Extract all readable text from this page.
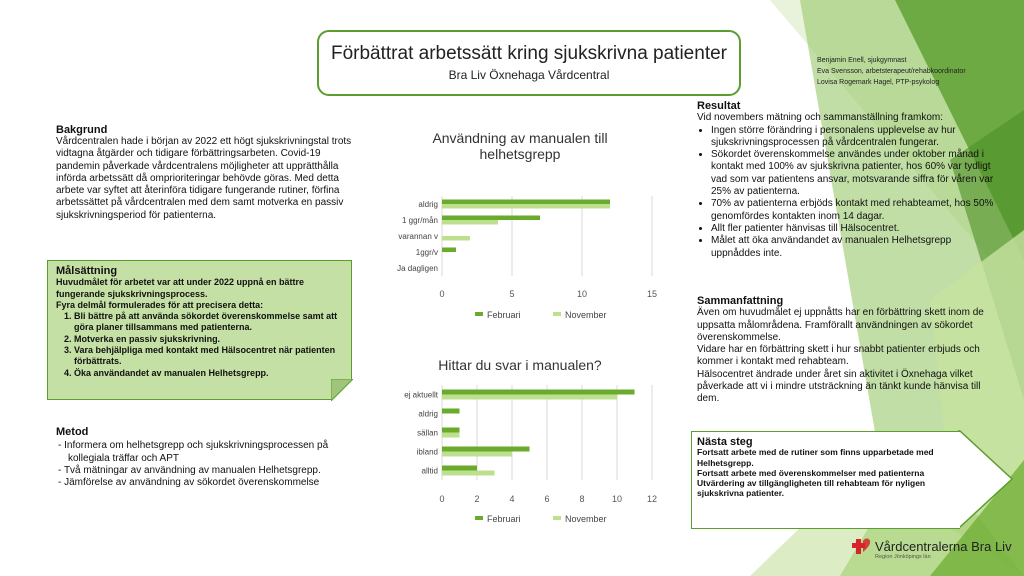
Förbättrat arbetssätt kring sjukskrivna patienter
Bra Liv Öxnehaga Vårdcentral
Benjamin Enell, sjukgymnast
Eva Svensson, arbetsterapeut/rehabkoordinator
Lovisa Rogemark Hagel, PTP-psykolog
Bakgrund
Vårdcentralen hade i början av 2022 ett högt sjukskrivningstal trots vidtagna åtgärder och tidigare förbättringsarbeten. Covid-19 pandemin påverkade vårdcentralens möjligheter att upprätthålla införda arbetssätt då omprioriteringar behövde göras. Med detta arbete var syftet att återinföra tidigare fungerande rutiner, förfina arbetssättet på vårdcentralen med dem samt motverka en passiv sjukskrivningsperiod för patienterna.
Målsättning
Huvudmålet för arbetet var att under 2022 uppnå en bättre fungerande sjukskrivningsprocess.
Fyra delmål formulerades för att precisera detta:
1. Bli bättre på att använda sökordet överenskommelse samt att göra planer tillsammans med patienterna.
2. Motverka en passiv sjukskrivning.
3. Vara behjälpliga med kontakt med Hälsocentret när patienten förbättrats.
4. Öka användandet av manualen Helhetsgrepp.
Metod
- Informera om helhetsgrepp och sjukskrivningsprocessen på kollegiala träffar och APT
- Två mätningar av användning av manualen Helhetsgrepp.
- Jämförelse av användning av sökordet överenskommelse
Användning av manualen till helhetsgrepp
0	5	10	15
aldrig
1 ggr/mån
varannan v
1ggr/v
Ja dagligen
Februari	November
Hittar du svar i manualen?
0	2	4	6	8	10	12
ej aktuellt
aldrig
sällan
ibland
alltid
Februari	November
Resultat
Vid novembers mätning och sammanställning framkom:
• Ingen större förändring i personalens upplevelse av hur sjukskrivningsprocessen på vårdcentralen fungerar.
• Sökordet överenskommelse användes under oktober månad i kontakt med 100% av sjukskrivna patienter, hos 60% var tydligt vad som var patientens ansvar, motsvarande siffra för våren var 25% av patienterna.
• 70% av patienterna erbjöds kontakt med rehabteamet, hos 50% genomfördes kontakten inom 14 dagar.
• Allt fler patienter hänvisas till Hälsocentret.
• Målet att öka användandet av manualen Helhetsgrepp uppnåddes inte.
Sammanfattning
Även om huvudmålet ej uppnåtts har en förbättring skett inom de uppsatta målområdena. Framförallt användningen av sökordet överenskommelse.
Vidare har en förbättring skett i hur snabbt patienter erbjuds och kommer i kontakt med rehabteam.
Hälsocentret ändrade under året sin aktivitet i Öxnehaga vilket påverkade att vi i mindre utsträckning än tänkt kunde hänvisa till dem.
Nästa steg
Fortsatt arbete med de rutiner som finns upparbetade med Helhetsgrepp.
Fortsatt arbete med överenskommelser med patienterna
Utvärdering av tillgängligheten till rehabteam för nyligen sjukskrivna patienter.
Vårdcentralerna Bra Liv
Region Jönköpings län
